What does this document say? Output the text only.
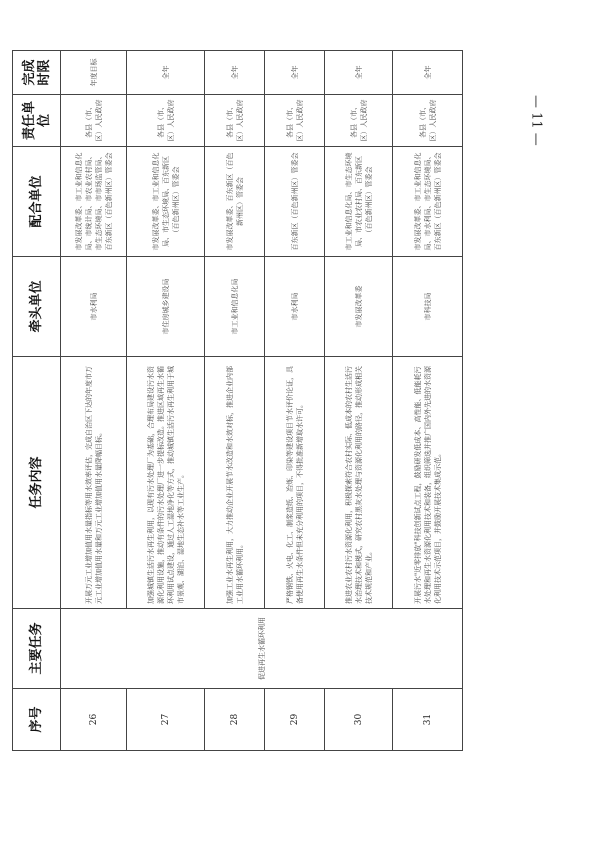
序号	主要任务	任务内容	牵头单位	配合单位	责任单位	完成时限
26	促进再生水循环利用	开展万元工业增加值用水量指标等用水效率评估，完成自治区下达的年度市万元工业增加值用水量和万元工业增加值用水量降幅目标。	市水利局	市发展改革委、市工业和信息化局、市统计局、市农业农村局、市生态环境局、市市场监管局、百东新区（百色新州区）管委会	各县（市、区）人民政府	年度目标
27		加强城镇生活污水再生利用，以现有污水处理厂为基础，合理布局建设污水资源化利用设施，推动有条件的污水处理厂进一步提标改造。推进区域再生水循环利用试点建设，通过人工湿地净化等方式，推动城镇生活污水再生利用于城市景观、湖泊、湿地生态补水等工业生产。	市住房城乡建设局	市发展改革委、市工业和信息化局、市生态环境局、百东新区（百色新州区）管委会	各县（市、区）人民政府	全年
28		加强工业水再生利用，大力推动企业开展节水改造和水效对标，推进企业内部工业用水循环利用。	市工业和信息化局	市发展改革委、百东新区（百色新州区）管委会	各县（市、区）人民政府	全年
29		严格钢铁、火电、化工、制浆造纸、冶炼、印染等建设项目节水评价论证，具备使用再生水条件但未充分利用的项目，不得批准新增取水许可。	市水利局	百东新区（百色新州区）管委会	各县（市、区）人民政府	全年
30		推进农业农村污水资源化利用，积极探索符合农村实际、低成本的农村生活污水治理技术和模式，研究农村黑灰水处理与资源化利用的路径，推动形成相关技术规范和产业。	市发展改革委	市工业和信息化局、市生态环境局、市农业农村局、百东新区（百色新州区）管委会	各县（市、区）人民政府	全年
31		开展污水"近零排放"科技创新试点工程，鼓励研发低成本、高性能、低能耗污水处理和再生水资源化利用技术和装备，组织筛选并推广国内外先进的水资源化利用技术示范项目，并鼓励开展技术集成示范。	市科技局	市发展改革委、市工业和信息化局、市水利局、市生态环境局、百东新区（百色新州区）管委会	各县（市、区）人民政府	全年
— 11 —
